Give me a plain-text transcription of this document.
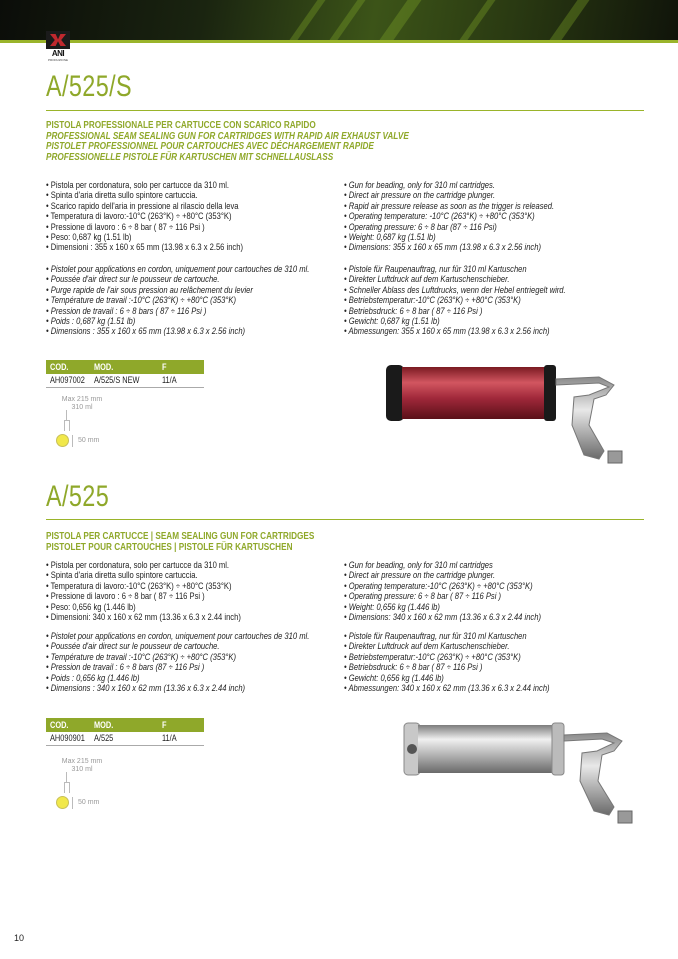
ANI
PRODUZIONE
A/525/S
PISTOLA PROFESSIONALE PER CARTUCCE CON SCARICO RAPIDO
PROFESSIONAL SEAM SEALING GUN FOR CARTRIDGES WITH RAPID AIR EXHAUST VALVE
PISTOLET PROFESSIONNEL POUR CARTOUCHES AVEC DÉCHARGEMENT RAPIDE
PROFESSIONELLE PISTOLE FÜR KARTUSCHEN MIT SCHNELLAUSLASS
• Pistola per cordonatura, solo per cartucce da 310 ml.
• Spinta d'aria diretta sullo spintore cartuccia.
• Scarico rapido dell'aria in pressione al rilascio della leva
• Temperatura di lavoro:-10°C (263°K) ÷ +80°C (353°K)
• Pressione di lavoro : 6 ÷ 8 bar ( 87 ÷ 116 Psi )
• Peso: 0,687 kg (1.51 lb)
• Dimensioni : 355 x 160 x 65 mm (13.98 x 6.3 x 2.56 inch)
• Gun for beading, only for 310 ml cartridges.
• Direct air pressure on the cartridge plunger.
• Rapid air pressure release as soon as the trigger is released.
• Operating temperature: -10°C (263°K) ÷ +80°C (353°K)
• Operating pressure: 6 ÷ 8 bar (87 ÷ 116 Psi)
• Weight: 0,687 kg (1.51 lb)
• Dimensions: 355 x 160 x 65 mm (13.98 x 6.3 x 2.56 inch)
• Pistolet pour applications en cordon, uniquement pour cartouches de 310 ml.
• Poussée d'air direct sur le pousseur de cartouche.
• Purge rapide de l'air sous pression au relâchement du levier
• Température de travail :-10°C (263°K) ÷ +80°C (353°K)
• Pression de travail : 6 ÷ 8 bars ( 87 ÷ 116 Psi )
• Poids : 0,687 kg (1.51 lb)
• Dimensions : 355 x 160 x 65 mm (13.98 x 6.3 x 2.56 inch)
• Pistole für Raupenauftrag, nur für 310 ml Kartuschen
• Direkter Luftdruck auf dem Kartuschenschieber.
• Schneller Ablass des Luftdrucks, wenn der Hebel entriegelt wird.
• Betriebstemperatur:-10°C (263°K) ÷ +80°C (353°K)
• Betriebsdruck: 6 ÷ 8 bar ( 87 ÷ 116 Psi )
• Gewicht: 0,687 kg (1.51 lb)
• Abmessungen: 355 x 160 x 65 mm (13.98 x 6.3 x 2.56 inch)
COD.	MOD.	F
AH097002 A/525/S NEW 11/A
Max 215 mm
310 ml
50 mm
A/525
PISTOLA PER CARTUCCE | SEAM SEALING GUN FOR CARTRIDGES
PISTOLET POUR CARTOUCHES | PISTOLE FÜR KARTUSCHEN
• Pistola per cordonatura, solo per cartucce da 310 ml.
• Spinta d'aria diretta sullo spintore cartuccia.
• Temperatura di lavoro:-10°C (263°K) ÷ +80°C (353°K)
• Pressione di lavoro : 6 ÷ 8 bar ( 87 ÷ 116 Psi )
• Peso: 0,656 kg (1.446 lb)
• Dimensioni: 340 x 160 x 62 mm (13.36 x 6.3 x 2.44 inch)
• Gun for beading, only for 310 ml cartridges
• Direct air pressure on the cartridge plunger.
• Operating temperature:-10°C (263°K) ÷ +80°C (353°K)
• Operating pressure: 6 ÷ 8 bar ( 87 ÷ 116 Psi )
• Weight: 0,656 kg (1.446 lb)
• Dimensions: 340 x 160 x 62 mm (13.36 x 6.3 x 2.44 inch)
• Pistolet pour applications en cordon, uniquement pour cartouches de 310 ml.
• Poussée d'air direct sur le pousseur de cartouche.
• Température de travail :-10°C (263°K) ÷ +80°C (353°K)
• Pression de travail : 6 ÷ 8 bars (87 ÷ 116 Psi )
• Poids : 0,656 kg (1.446 lb)
• Dimensions : 340 x 160 x 62 mm (13.36 x 6.3 x 2.44 inch)
• Pistole für Raupenauftrag, nur für 310 ml Kartuschen
• Direkter Luftdruck auf dem Kartuschenschieber.
• Betriebstemperatur:-10°C (263°K) ÷ +80°C (353°K)
• Betriebsdruck: 6 ÷ 8 bar ( 87 ÷ 116 Psi )
• Gewicht: 0,656 kg (1.446 lb)
• Abmessungen: 340 x 160 x 62 mm (13.36 x 6.3 x 2.44 inch)
COD.	MOD.	F
AH090901 A/525	11/A
Max 215 mm
310 ml
50 mm
10
